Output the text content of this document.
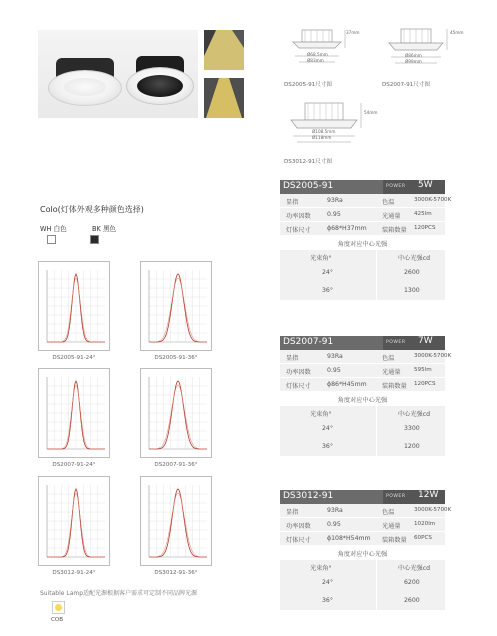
Ø68.5mm
Ø83mm
37mm
DS2005-91尺寸图
Ø86mm
Ø99mm
45mm
DS2007-91尺寸图
Ø108.5mm
Ø118mm
54mm
DS3012-91尺寸图
Colo(灯体外观多种颜色选择)
WH 白色	BK 黑色
DS2005-91-24°	DS2005-91-36°
DS2007-91-24°	DS2007-91-36°
DS3012-91-24°	DS3012-91-36°
Suitable Lamp适配光源根据客户需求可定制不同品牌光源
COB
DS2005-91	POWER 5W
显指	93Ra	色温	3000K-5700K
功率因数	0.95	光通量 425lm
灯体尺寸	ɸ68*H37mm 装箱数量 120PCS
角度对应中心光强
光束角°	中心光强cd
24°	2600
36°	1300
DS2007-91	POWER 7W
显指	93Ra	色温	3000K-5700K
功率因数	0.95	光通量 595lm
灯体尺寸	ɸ86*H45mm 装箱数量 120PCS
角度对应中心光强
光束角°	中心光强cd
24°	3300
36°	1200
DS3012-91	POWER 12W
显指	93Ra	色温	3000K-5700K
功率因数	0.95	光通量 1020lm
灯体尺寸	ɸ108*H54mm 装箱数量 60PCS
角度对应中心光强
光束角°	中心光强cd
24°	6200
36°	2600
